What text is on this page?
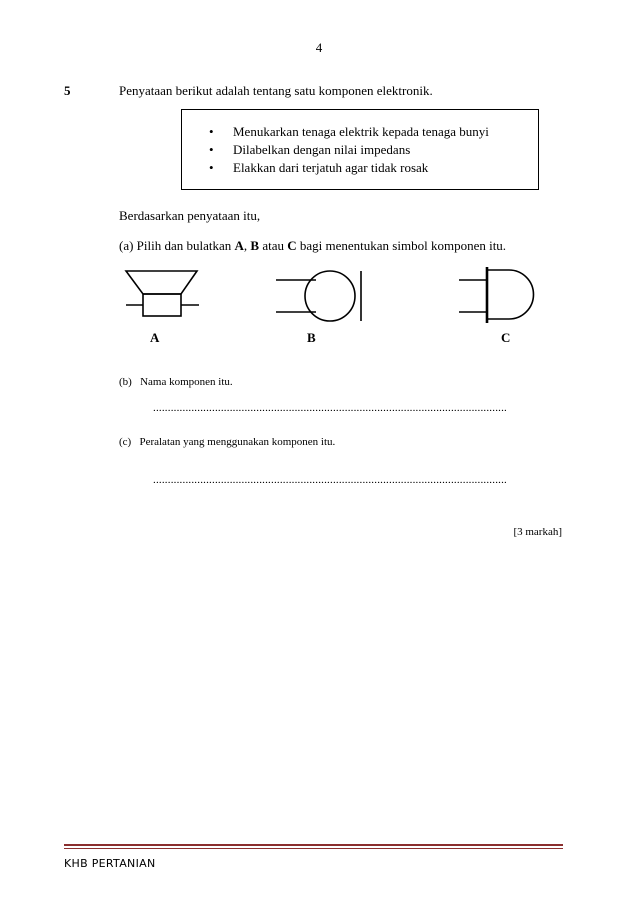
4
5	Penyataan berikut adalah tentang satu komponen elektronik.
• Menukarkan tenaga elektrik kepada tenaga bunyi
• Dilabelkan dengan nilai impedans
• Elakkan dari terjatuh agar tidak rosak
Berdasarkan penyataan itu,
(a) Pilih dan bulatkan A, B atau C bagi menentukan simbol komponen itu.
A	B	C
(b)   Nama komponen itu.
........................................................................................................................
(c)   Peralatan yang menggunakan komponen itu.
........................................................................................................................
[3 markah]
KHB PERTANIAN
